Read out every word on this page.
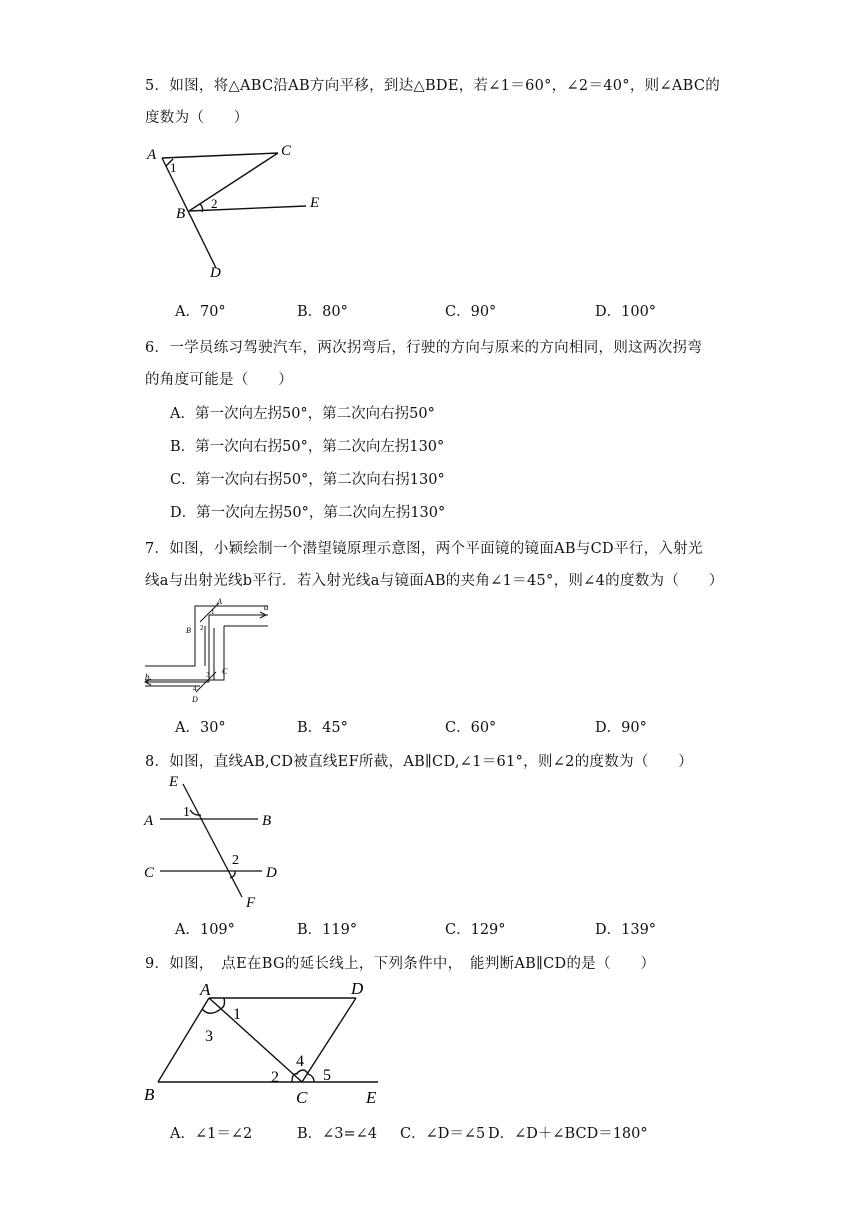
5．如图，将△ABC沿AB方向平移，到达△BDE，若∠1＝60°，∠2＝40°，则∠ABC的
度数为（　　）
A
1
C
B
2	E
D
A．70°	B．80°	C．90°	D．100°
6．一学员练习驾驶汽车，两次拐弯后，行驶的方向与原来的方向相同，则这两次拐弯
的角度可能是（　　）
A．第一次向左拐50°，第二次向右拐50°
B．第一次向右拐50°，第二次向左拐130°
C．第一次向右拐50°，第二次向右拐130°
D．第一次向左拐50°，第二次向左拐130°
7．如图，小颖绘制一个潜望镜原理示意图，两个平面镜的镜面AB与CD平行，入射光
线a与出射光线b平行．若入射光线a与镜面AB的夹角∠1＝45°，则∠4的度数为（　　）
A
a
1
B 2
3 C
b
4
D
A．30°	B．45°	C．60°	D．90°
8．如图，直线AB,CD被直线EF所截，AB∥CD,∠1＝61°，则∠2的度数为（　　）
E
1
A	B
2
C	D
F
A．109°	B．119°	C．129°	D．139°
9．如图，　点E在BG的延长线上，下列条件中，　能判断AB∥CD的是（　　）
A
1
3
D
4
2	5
B	C	E
A．∠1＝∠2	B．∠3=∠4 C．∠D＝∠5 D．∠D＋∠BCD＝180°
